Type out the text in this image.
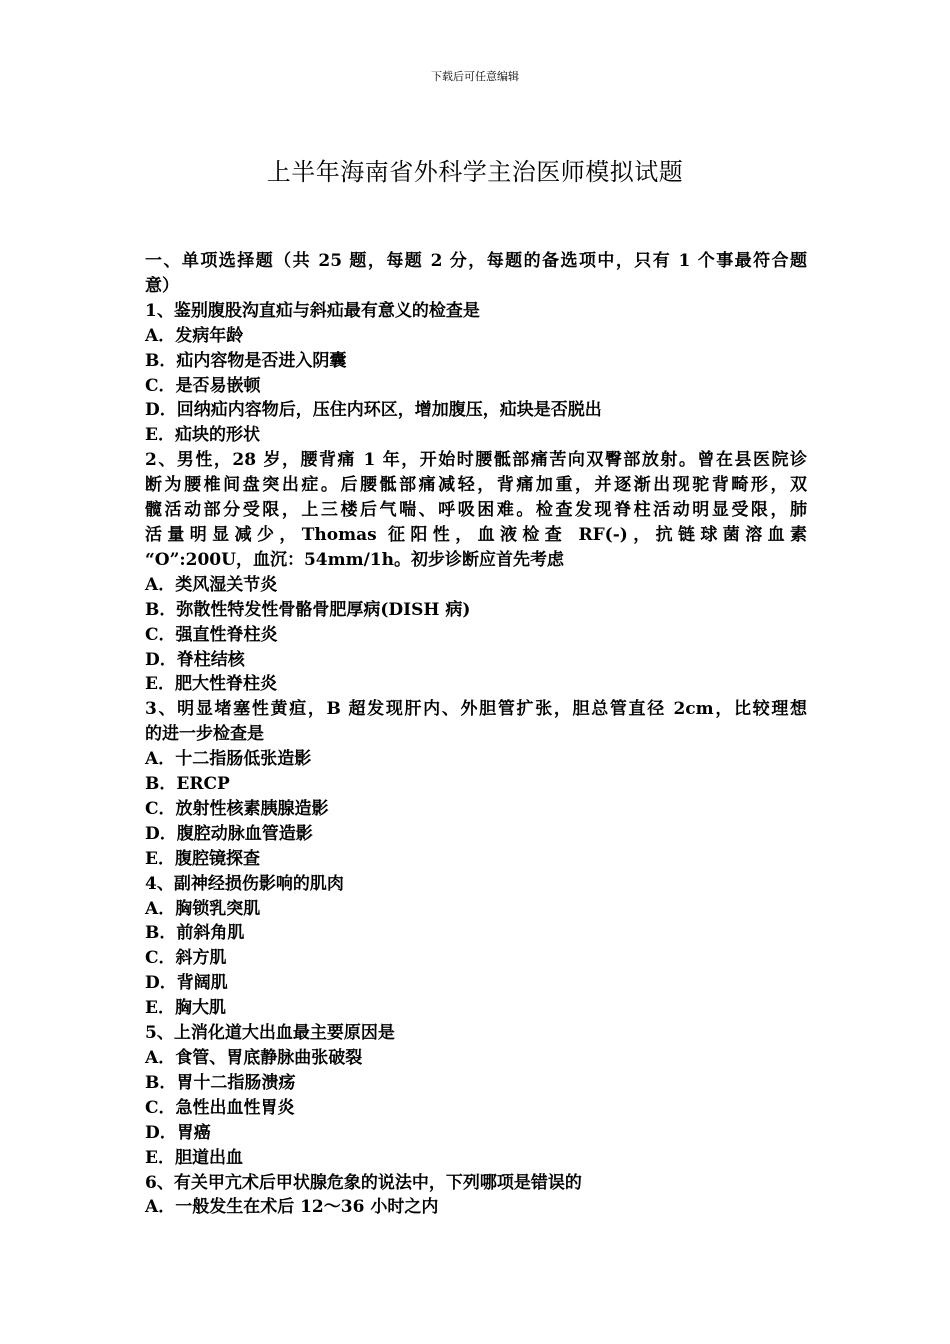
下载后可任意编辑
上半年海南省外科学主治医师模拟试题
一、单项选择题（共 25 题，每题 2 分，每题的备选项中，只有 1 个事最符合题
意）
1、鉴别腹股沟直疝与斜疝最有意义的检查是
A．发病年龄
B．疝内容物是否进入阴囊
C．是否易嵌顿
D．回纳疝内容物后，压住内环区，增加腹压，疝块是否脱出
E．疝块的形状
2、男性，28 岁，腰背痛 1 年，开始时腰骶部痛苦向双臀部放射。曾在县医院诊
断为腰椎间盘突出症。后腰骶部痛减轻，背痛加重，并逐渐出现驼背畸形，双
髋活动部分受限，上三楼后气喘、呼吸困难。检查发现脊柱活动明显受限，肺
活量明显减少，Thomas 征阳性，血液检查 RF(-)，抗链球菌溶血素
“O”:200U，血沉：54mm/1h。初步诊断应首先考虑
A．类风湿关节炎
B．弥散性特发性骨骼骨肥厚病(DISH 病)
C．强直性脊柱炎
D．脊柱结核
E．肥大性脊柱炎
3、明显堵塞性黄疸，B 超发现肝内、外胆管扩张，胆总管直径 2cm，比较理想
的进一步检查是
A．十二指肠低张造影
B．ERCP
C．放射性核素胰腺造影
D．腹腔动脉血管造影
E．腹腔镜探查
4、副神经损伤影响的肌肉
A．胸锁乳突肌
B．前斜角肌
C．斜方肌
D．背阔肌
E．胸大肌
5、上消化道大出血最主要原因是
A．食管、胃底静脉曲张破裂
B．胃十二指肠溃疡
C．急性出血性胃炎
D．胃癌
E．胆道出血
6、有关甲亢术后甲状腺危象的说法中，下列哪项是错误的
A．一般发生在术后 12～36 小时之内
